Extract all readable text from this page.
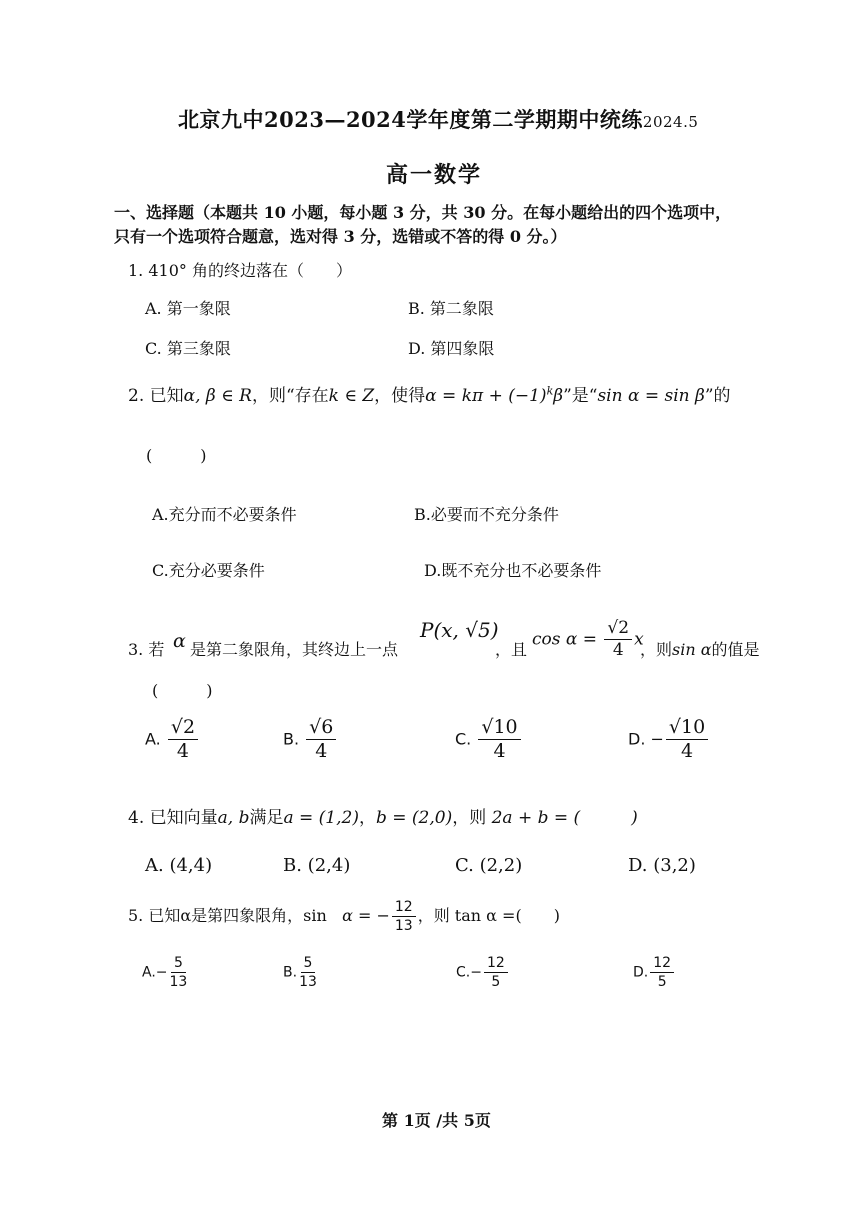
北京九中2023—2024学年度第二学期期中统练2024.5
高一数学
一、选择题（本题共 10 小题，每小题 3 分，共 30 分。在每小题给出的四个选项中，
只有一个选项符合题意，选对得 3 分，选错或不答的得 0 分。）
1. 410° 角的终边落在（　　）
A. 第一象限	B. 第二象限
C. 第三象限	D. 第四象限
2. 已知α, β ∈ R，则“存在k ∈ Z，使得$\alpha = k\pi + (-1)^k\beta$”是“sin α = sin β”的
(　　　)
A.充分而不必要条件	B.必要而不充分条件
C.充分必要条件	D.既不充分也不必要条件
3. 若 α 是第二象限角，其终边上一点
P(x, √5)
，且
$\cos \alpha = \frac{√2}{4}$ x
，则sin α的值是
(　　　)
A. $\frac{√2}{4}$	B. $\frac{√6}{4}$	C. $\frac{√10}{4}$	D. − $\frac{√10}{4}$
4. 已知向量a, b满足a = (1,2)，b = (2,0)，则 2a + b = (　　　)
A. (4,4)	B. (2,4)	C. (2,2)	D. (3,2)
5. 已知α是第四象限角，sin α = − $\frac{12}{13}$ ，则 tan α =(　　)
$A.- \frac{5}{13}$	B. $\frac{5}{13}$	$C.- \frac{12}{5}$	D. $\frac{12}{5}$
第 1页 /共 5页
